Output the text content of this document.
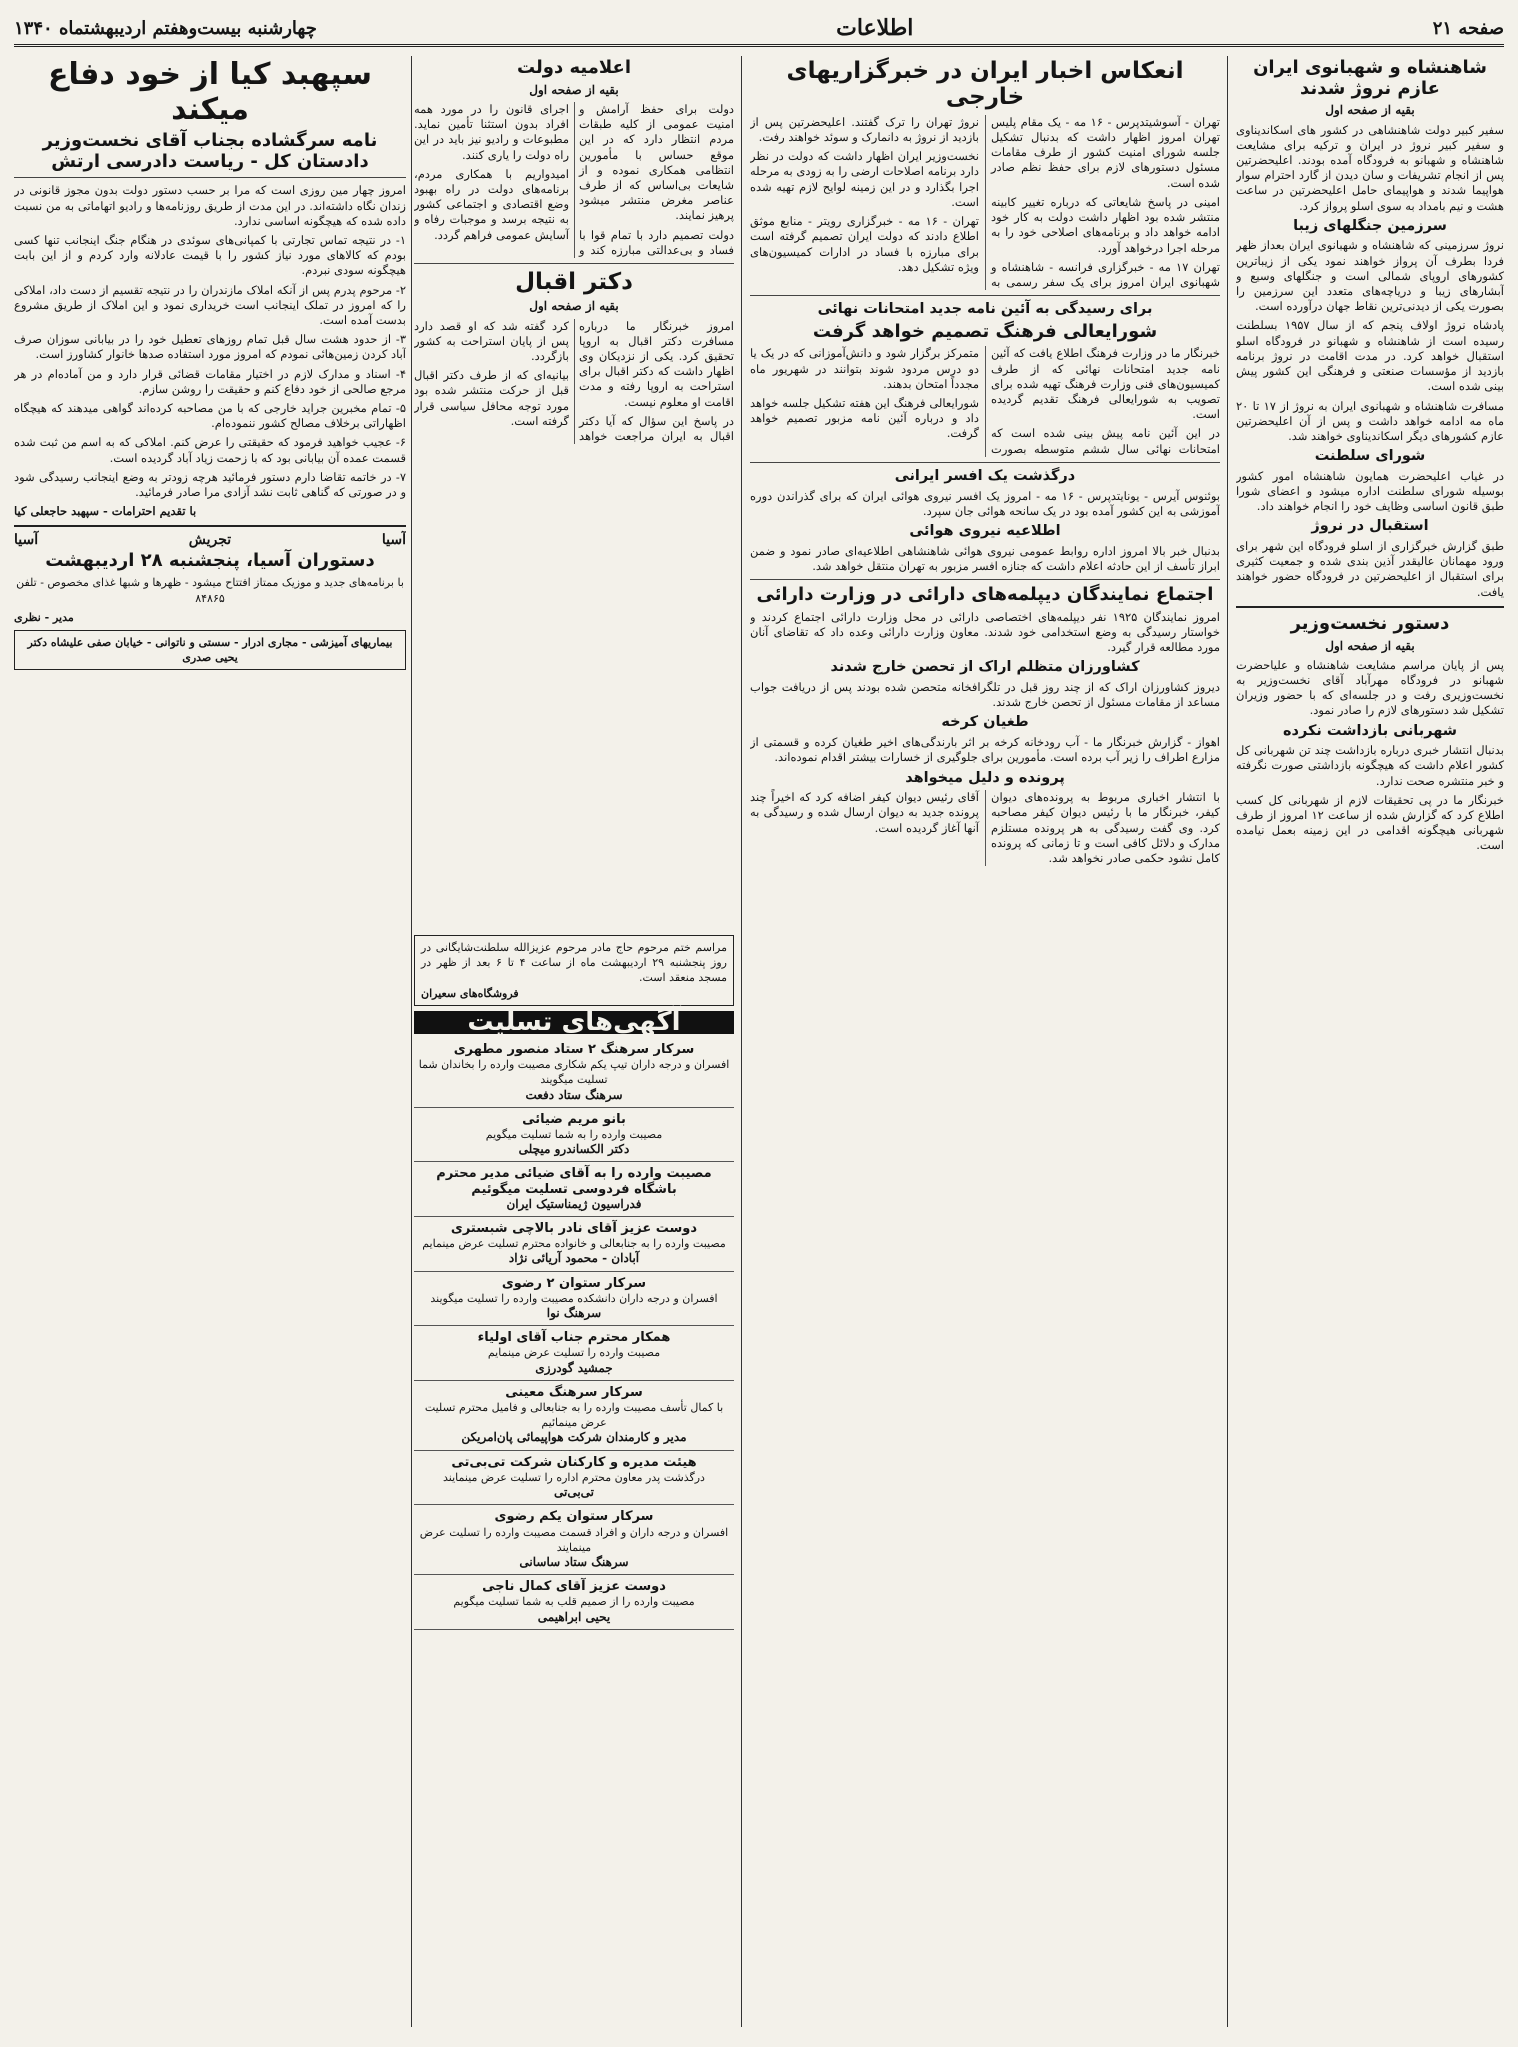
صفحه ۲۱
اطلاعات
چهارشنبه بیست‌وهفتم اردیبهشتماه ۱۳۴۰
شاهنشاه و شهبانوی ایران عازم نروژ شدند
بقیه از صفحه اول

سفیر کبیر دولت شاهنشاهی در کشور های اسکاندیناوی و سفیر کبیر نروژ در ایران و ترکیه برای مشایعت شاهنشاه و شهبانو به فرودگاه آمده بودند. اعلیحضرتین پس از انجام تشریفات و سان دیدن از گارد احترام سوار هواپیما شدند و هواپیمای حامل اعلیحضرتین در ساعت هشت و نیم بامداد به سوی اسلو پرواز کرد.

سرزمین جنگلهای زیبا

نروژ سرزمینی که شاهنشاه و شهبانوی ایران بعداز ظهر فردا بطرف آن پرواز خواهند نمود یکی از زیباترین کشورهای اروپای شمالی است و جنگلهای وسیع و آبشارهای زیبا و دریاچه‌های متعدد این سرزمین را بصورت یکی از دیدنی‌ترین نقاط جهان درآورده است.

پادشاه نروژ اولاف پنجم که از سال ۱۹۵۷ بسلطنت رسیده است از شاهنشاه و شهبانو در فرودگاه اسلو استقبال خواهد کرد. در مدت اقامت در نروژ برنامه بازدید از مؤسسات صنعتی و فرهنگی این کشور پیش بینی شده است.

مسافرت شاهنشاه و شهبانوی ایران به نروژ از ۱۷ تا ۲۰ ماه مه ادامه خواهد داشت و پس از آن اعلیحضرتین عازم کشورهای دیگر اسکاندیناوی خواهند شد.

شورای سلطنت

در غیاب اعلیحضرت همایون شاهنشاه امور کشور بوسیله شورای سلطنت اداره میشود و اعضای شورا طبق قانون اساسی وظایف خود را انجام خواهند داد.

استقبال در نروژ

طبق گزارش خبرگزاری از اسلو فرودگاه این شهر برای ورود مهمانان عالیقدر آذین بندی شده و جمعیت کثیری برای استقبال از اعلیحضرتین در فرودگاه حضور خواهند یافت.

دستور نخست‌وزیر
بقیه از صفحه اول

پس از پایان مراسم مشایعت شاهنشاه و علیاحضرت شهبانو در فرودگاه مهرآباد آقای نخست‌وزیر به نخست‌وزیری رفت و در جلسه‌ای که با حضور وزیران تشکیل شد دستورهای لازم را صادر نمود.

شهربانی بازداشت نکرده

بدنبال انتشار خبری درباره بازداشت چند تن شهربانی کل کشور اعلام داشت که هیچگونه بازداشتی صورت نگرفته و خبر منتشره صحت ندارد.

خبرنگار ما در پی تحقیقات لازم از شهربانی کل کسب اطلاع کرد که گزارش شده از ساعت ۱۲ امروز از طرف شهربانی هیچگونه اقدامی در این زمینه بعمل نیامده است.

انعکاس اخبار ایران در خبرگزاریهای خارجی

تهران - آسوشیتدپرس - ۱۶ مه - یک مقام پلیس تهران امروز اظهار داشت که بدنبال تشکیل جلسه شورای امنیت کشور از طرف مقامات مسئول دستورهای لازم برای حفظ نظم صادر شده است.

امینی در پاسخ شایعاتی که درباره تغییر کابینه منتشر شده بود اظهار داشت دولت به کار خود ادامه خواهد داد و برنامه‌های اصلاحی خود را به مرحله اجرا درخواهد آورد.

تهران ۱۷ مه - خبرگزاری فرانسه - شاهنشاه و شهبانوی ایران امروز برای یک سفر رسمی به نروژ تهران را ترک گفتند. اعلیحضرتین پس از بازدید از نروژ به دانمارک و سوئد خواهند رفت.

نخست‌وزیر ایران اظهار داشت که دولت در نظر دارد برنامه اصلاحات ارضی را به زودی به مرحله اجرا بگذارد و در این زمینه لوایح لازم تهیه شده است.

تهران - ۱۶ مه - خبرگزاری رویتر - منابع موثق اطلاع دادند که دولت ایران تصمیم گرفته است برای مبارزه با فساد در ادارات کمیسیون‌های ویژه تشکیل دهد.

برای رسیدگی به آئین نامه جدید امتحانات نهائی
شورایعالی فرهنگ تصمیم خواهد گرفت

خبرنگار ما در وزارت فرهنگ اطلاع یافت که آئین نامه جدید امتحانات نهائی که از طرف کمیسیون‌های فنی وزارت فرهنگ تهیه شده برای تصویب به شورایعالی فرهنگ تقدیم گردیده است.

در این آئین نامه پیش بینی شده است که امتحانات نهائی سال ششم متوسطه بصورت متمرکز برگزار شود و دانش‌آموزانی که در یک یا دو درس مردود شوند بتوانند در شهریور ماه مجدداً امتحان بدهند.

شورایعالی فرهنگ این هفته تشکیل جلسه خواهد داد و درباره آئین نامه مزبور تصمیم خواهد گرفت.

درگذشت یک افسر ایرانی

بوئنوس آیرس - یونایتدپرس - ۱۶ مه - امروز یک افسر نیروی هوائی ایران که برای گذراندن دوره آموزشی به این کشور آمده بود در یک سانحه هوائی جان سپرد.

اطلاعیه نیروی هوائی

بدنبال خبر بالا امروز اداره روابط عمومی نیروی هوائی شاهنشاهی اطلاعیه‌ای صادر نمود و ضمن ابراز تأسف از این حادثه اعلام داشت که جنازه افسر مزبور به تهران منتقل خواهد شد.

اجتماع نمایندگان دیپلمه‌های دارائی در وزارت دارائی

امروز نمایندگان ۱۹۲۵ نفر دیپلمه‌های اختصاصی دارائی در محل وزارت دارائی اجتماع کردند و خواستار رسیدگی به وضع استخدامی خود شدند. معاون وزارت دارائی وعده داد که تقاضای آنان مورد مطالعه قرار گیرد.

کشاورزان متظلم اراک از تحصن خارج شدند

دیروز کشاورزان اراک که از چند روز قبل در تلگرافخانه متحصن شده بودند پس از دریافت جواب مساعد از مقامات مسئول از تحصن خارج شدند.

طغیان کرخه

اهواز - گزارش خبرنگار ما - آب رودخانه کرخه بر اثر بارندگی‌های اخیر طغیان کرده و قسمتی از مزارع اطراف را زیر آب برده است. مأمورین برای جلوگیری از خسارات بیشتر اقدام نموده‌اند.

پرونده و دلیل میخواهد

با انتشار اخباری مربوط به پرونده‌های دیوان کیفر، خبرنگار ما با رئیس دیوان کیفر مصاحبه کرد. وی گفت رسیدگی به هر پرونده مستلزم مدارک و دلائل کافی است و تا زمانی که پرونده کامل نشود حکمی صادر نخواهد شد.

آقای رئیس دیوان کیفر اضافه کرد که اخیراً چند پرونده جدید به دیوان ارسال شده و رسیدگی به آنها آغاز گردیده است.

اعلامیه دولت
بقیه از صفحه اول

دولت برای حفظ آرامش و امنیت عمومی از کلیه طبقات مردم انتظار دارد که در این موقع حساس با مأمورین انتظامی همکاری نموده و از شایعات بی‌اساس که از طرف عناصر مغرض منتشر میشود پرهیز نمایند.

دولت تصمیم دارد با تمام قوا با فساد و بی‌عدالتی مبارزه کند و اجرای قانون را در مورد همه افراد بدون استثنا تأمین نماید. مطبوعات و رادیو نیز باید در این راه دولت را یاری کنند.

امیدواریم با همکاری مردم، برنامه‌های دولت در راه بهبود وضع اقتصادی و اجتماعی کشور به نتیجه برسد و موجبات رفاه و آسایش عمومی فراهم گردد.

دکتر اقبال
بقیه از صفحه اول

امروز خبرنگار ما درباره مسافرت دکتر اقبال به اروپا تحقیق کرد. یکی از نزدیکان وی اظهار داشت که دکتر اقبال برای استراحت به اروپا رفته و مدت اقامت او معلوم نیست.

در پاسخ این سؤال که آیا دکتر اقبال به ایران مراجعت خواهد کرد گفته شد که او قصد دارد پس از پایان استراحت به کشور بازگردد.

بیانیه‌ای که از طرف دکتر اقبال قبل از حرکت منتشر شده بود مورد توجه محافل سیاسی قرار گرفته است.

سپهبد کیا از خود دفاع میکند
نامه سرگشاده بجناب آقای نخست‌وزیر دادستان کل - ریاست دادرسی ارتش

امروز چهار مین روزی است که مرا بر حسب دستور دولت بدون مجوز قانونی در زندان نگاه داشته‌اند. در این مدت از طریق روزنامه‌ها و رادیو اتهاماتی به من نسبت داده شده که هیچگونه اساسی ندارد.

۱- در نتیجه تماس تجارتی با کمپانی‌های سوئدی در هنگام جنگ اینجانب تنها کسی بودم که کالاهای مورد نیاز کشور را با قیمت عادلانه وارد کردم و از این بابت هیچگونه سودی نبردم.

۲- مرحوم پدرم پس از آنکه املاک مازندران را در نتیجه تقسیم از دست داد، املاکی را که امروز در تملک اینجانب است خریداری نمود و این املاک از طریق مشروع بدست آمده است.

۳- از حدود هشت سال قبل تمام روزهای تعطیل خود را در بیابانی سوزان صرف آباد کردن زمین‌هائی نمودم که امروز مورد استفاده صدها خانوار کشاورز است.

۴- اسناد و مدارک لازم در اختیار مقامات قضائی قرار دارد و من آماده‌ام در هر مرجع صالحی از خود دفاع کنم و حقیقت را روشن سازم.

۵- تمام مخبرین جراید خارجی که با من مصاحبه کرده‌اند گواهی میدهند که هیچگاه اظهاراتی برخلاف مصالح کشور ننموده‌ام.

۶- عجیب خواهید فرمود که حقیقتی را عرض کنم. املاکی که به اسم من ثبت شده قسمت عمده آن بیابانی بود که با زحمت زیاد آباد گردیده است.

۷- در خاتمه تقاضا دارم دستور فرمائید هرچه زودتر به وضع اینجانب رسیدگی شود و در صورتی که گناهی ثابت نشد آزادی مرا صادر فرمائید.

با تقدیم احترامات - سپهبد حاجعلی کیا

آسیا
تجریش
آسیا
دستوران آسیا، پنجشنبه ۲۸ اردیبهشت

با برنامه‌های جدید و موزیک ممتاز افتتاح میشود - ظهرها و شبها غذای مخصوص - تلفن ۸۴۸۶۵

مدیر - نظری

بیماریهای آمیزشی - مجاری ادرار - سستی و ناتوانی - خیابان صفی علیشاه دکتر یحیی صدری
مراسم ختم مرحوم حاج مادر مرحوم عزیزالله سلطنت‌شایگانی در روز پنجشنبه ۲۹ اردیبهشت ماه از ساعت ۴ تا ۶ بعد از ظهر در مسجد منعقد است.
فروشگاه‌های سعیران
آگهی‌های تسلیت
سرکار سرهنگ ۲ ستاد منصور مطهری
افسران و درجه داران تیپ یکم شکاری مصیبت وارده را بخاندان شما تسلیت میگویند
سرهنگ ستاد دفعت
بانو مریم ضیائی
مصیبت وارده را به شما تسلیت میگویم
دکتر الکساندرو میچلی
مصیبت وارده را به آقای ضیائی مدیر محترم باشگاه فردوسی تسلیت میگوئیم
فدراسیون ژیمناستیک ایران
دوست عزیز آقای نادر بالاچی شبستری
مصیبت وارده را به جنابعالی و خانواده محترم تسلیت عرض مینمایم
آبادان - محمود آریائی نژاد
سرکار ستوان ۲ رضوی
افسران و درجه داران دانشکده مصیبت وارده را تسلیت میگویند
سرهنگ نوا
همکار محترم جناب آقای اولیاء
مصیبت وارده را تسلیت عرض مینمایم
جمشید گودرزی
سرکار سرهنگ معینی
با کمال تأسف مصیبت وارده را به جنابعالی و فامیل محترم تسلیت عرض مینمائیم
مدیر و کارمندان شرکت هواپیمائی پان‌امریکن
هیئت مدیره و کارکنان شرکت تی‌بی‌تی
درگذشت پدر معاون محترم اداره را تسلیت عرض مینمایند
تی‌بی‌تی
سرکار ستوان یکم رضوی
افسران و درجه داران و افراد قسمت مصیبت وارده را تسلیت عرض مینمایند
سرهنگ ستاد ساسانی
دوست عزیز آقای کمال ناجی
مصیبت وارده را از صمیم قلب به شما تسلیت میگویم
یحیی ابراهیمی
